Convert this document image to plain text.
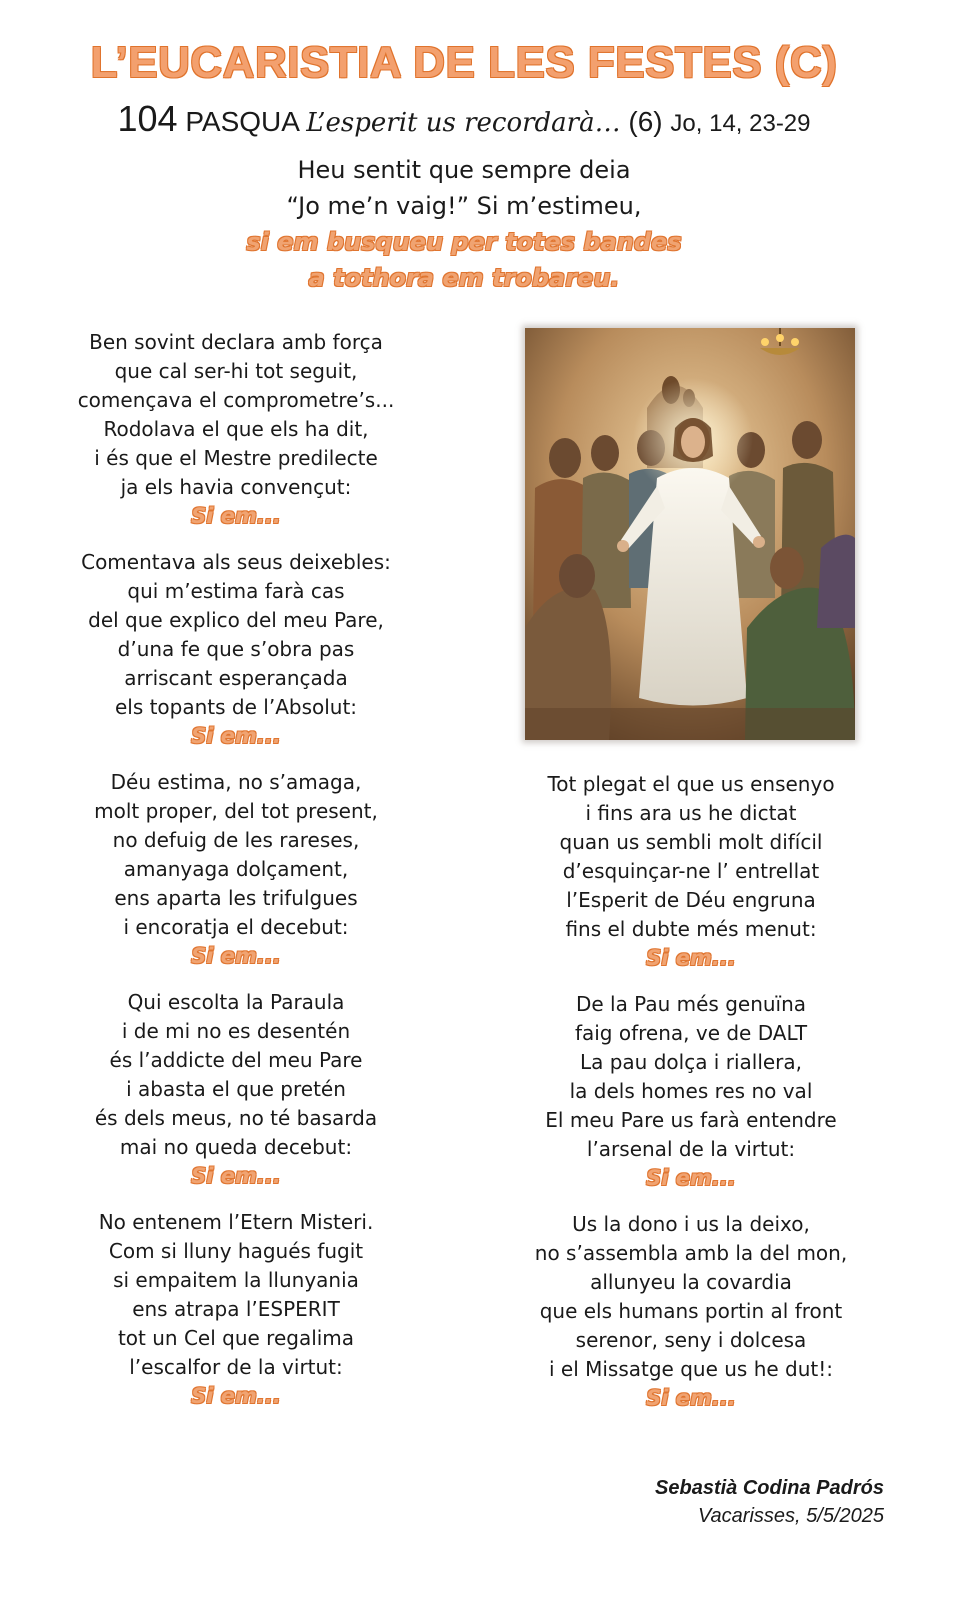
L’EUCARISTIA DE LES FESTES (C)
104 PASQUA L’esperit us recordarà… (6) Jo, 14, 23-29
Heu sentit que sempre deia
“Jo me’n vaig!” Si m’estimeu,
si em busqueu per totes bandes
a tothora em trobareu.
Ben sovint declara amb força
que cal ser-hi tot seguit,
començava el comprometre’s...
Rodolava el que els ha dit,
i és que el Mestre predilecte
ja els havia convençut:
Si em...
Comentava als seus deixebles:
qui m’estima farà cas
del que explico del meu Pare,
d’una fe que s’obra pas
arriscant esperançada
els topants de l’Absolut:
Si em...
Déu estima, no s’amaga,
molt proper, del tot present,
no defuig de les rareses,
amanyaga dolçament,
ens aparta les trifulgues
i encoratja el decebut:
Si em...
Qui escolta la Paraula
i de mi no es desentén
és l’addicte del meu Pare
i abasta el que pretén
és dels meus, no té basarda
mai no queda decebut:
Si em...
No entenem l’Etern Misteri.
Com si lluny hagués fugit
si empaitem la llunyania
ens atrapa l’ESPERIT
tot un Cel que regalima
l’escalfor de la virtut:
Si em...
Tot plegat el que us ensenyo
i fins ara us he dictat
quan us sembli molt difícil
d’esquinçar-ne l’ entrellat
l’Esperit de Déu engruna
fins el dubte més menut:
Si em...
De la Pau més genuïna
faig ofrena, ve de DALT
La pau dolça i riallera,
la dels homes res no val
El meu Pare us farà entendre
l’arsenal de la virtut:
Si em...
Us la dono i us la deixo,
no s’assembla amb la del mon,
allunyeu la covardia
que els humans portin al front
serenor, seny i dolcesa
i el Missatge que us he dut!:
Si em...
Sebastià Codina Padrós
Vacarisses, 5/5/2025
